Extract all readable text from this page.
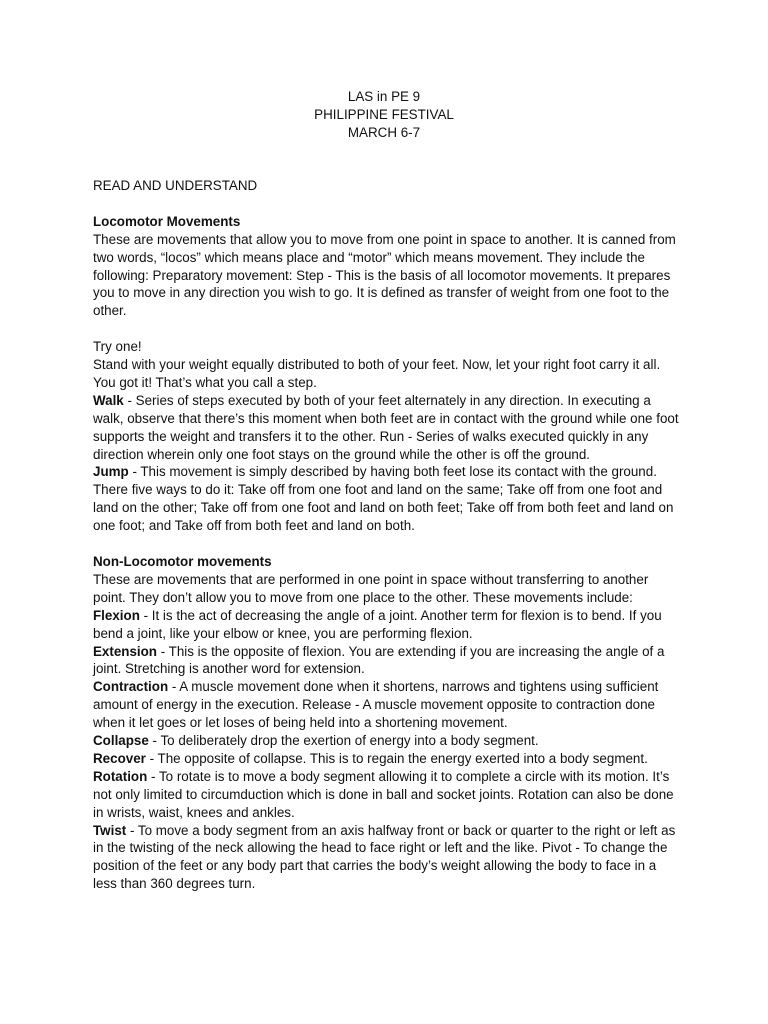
LAS in PE 9
PHILIPPINE FESTIVAL
MARCH 6-7

READ AND UNDERSTAND

Locomotor Movements

These are movements that allow you to move from one point in space to another. It is canned from two words, “locos” which means place and “motor” which means movement. They include the following: Preparatory movement: Step - This is the basis of all locomotor movements. It prepares you to move in any direction you wish to go. It is defined as transfer of weight from one foot to the other.

Try one!

Stand with your weight equally distributed to both of your feet. Now, let your right foot carry it all. You got it! That’s what you call a step.

Walk - Series of steps executed by both of your feet alternately in any direction. In executing a walk, observe that there’s this moment when both feet are in contact with the ground while one foot supports the weight and transfers it to the other. Run - Series of walks executed quickly in any direction wherein only one foot stays on the ground while the other is off the ground.

Jump - This movement is simply described by having both feet lose its contact with the ground. There five ways to do it: Take off from one foot and land on the same; Take off from one foot and land on the other; Take off from one foot and land on both feet; Take off from both feet and land on one foot; and Take off from both feet and land on both.

Non-Locomotor movements

These are movements that are performed in one point in space without transferring to another point. They don’t allow you to move from one place to the other. These movements include:

Flexion - It is the act of decreasing the angle of a joint. Another term for flexion is to bend. If you bend a joint, like your elbow or knee, you are performing flexion.

Extension - This is the opposite of flexion. You are extending if you are increasing the angle of a joint. Stretching is another word for extension.

Contraction - A muscle movement done when it shortens, narrows and tightens using sufficient amount of energy in the execution. Release - A muscle movement opposite to contraction done when it let goes or let loses of being held into a shortening movement.

Collapse - To deliberately drop the exertion of energy into a body segment.

Recover - The opposite of collapse. This is to regain the energy exerted into a body segment.

Rotation - To rotate is to move a body segment allowing it to complete a circle with its motion. It’s not only limited to circumduction which is done in ball and socket joints. Rotation can also be done in wrists, waist, knees and ankles.

Twist - To move a body segment from an axis halfway front or back or quarter to the right or left as in the twisting of the neck allowing the head to face right or left and the like. Pivot - To change the position of the feet or any body part that carries the body’s weight allowing the body to face in a less than 360 degrees turn.
